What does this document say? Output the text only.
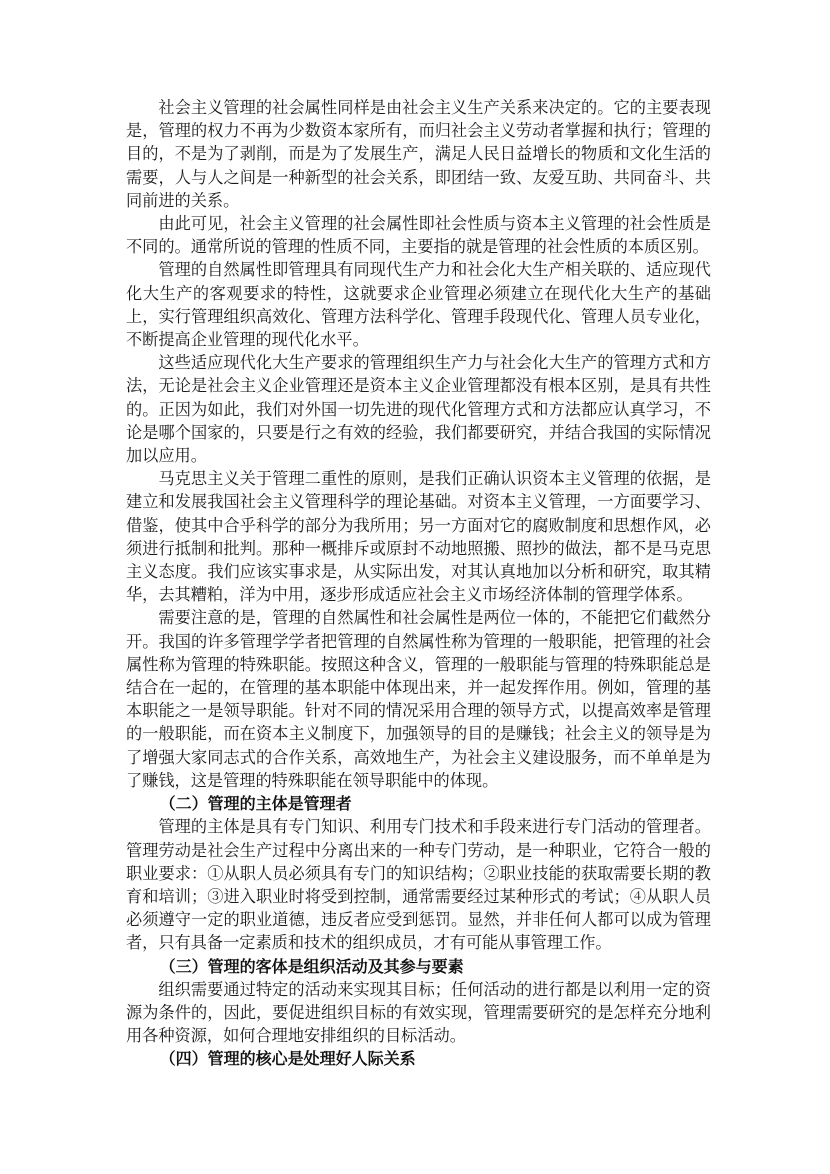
社会主义管理的社会属性同样是由社会主义生产关系来决定的。它的主要表现是，管理的权力不再为少数资本家所有，而归社会主义劳动者掌握和执行；管理的目的，不是为了剥削，而是为了发展生产，满足人民日益增长的物质和文化生活的需要，人与人之间是一种新型的社会关系，即团结一致、友爱互助、共同奋斗、共同前进的关系。

由此可见，社会主义管理的社会属性即社会性质与资本主义管理的社会性质是不同的。通常所说的管理的性质不同，主要指的就是管理的社会性质的本质区别。

管理的自然属性即管理具有同现代生产力和社会化大生产相关联的、适应现代化大生产的客观要求的特性，这就要求企业管理必须建立在现代化大生产的基础上，实行管理组织高效化、管理方法科学化、管理手段现代化、管理人员专业化，不断提高企业管理的现代化水平。

这些适应现代化大生产要求的管理组织生产力与社会化大生产的管理方式和方法，无论是社会主义企业管理还是资本主义企业管理都没有根本区别，是具有共性的。正因为如此，我们对外国一切先进的现代化管理方式和方法都应认真学习，不论是哪个国家的，只要是行之有效的经验，我们都要研究，并结合我国的实际情况加以应用。

马克思主义关于管理二重性的原则，是我们正确认识资本主义管理的依据，是建立和发展我国社会主义管理科学的理论基础。对资本主义管理，一方面要学习、借鉴，使其中合乎科学的部分为我所用；另一方面对它的腐败制度和思想作风，必须进行抵制和批判。那种一概排斥或原封不动地照搬、照抄的做法，都不是马克思主义态度。我们应该实事求是，从实际出发，对其认真地加以分析和研究，取其精华，去其糟粕，洋为中用，逐步形成适应社会主义市场经济体制的管理学体系。

需要注意的是，管理的自然属性和社会属性是两位一体的，不能把它们截然分开。我国的许多管理学学者把管理的自然属性称为管理的一般职能，把管理的社会属性称为管理的特殊职能。按照这种含义，管理的一般职能与管理的特殊职能总是结合在一起的，在管理的基本职能中体现出来，并一起发挥作用。例如，管理的基本职能之一是领导职能。针对不同的情况采用合理的领导方式，以提高效率是管理的一般职能，而在资本主义制度下，加强领导的目的是赚钱；社会主义的领导是为了增强大家同志式的合作关系，高效地生产，为社会主义建设服务，而不单单是为了赚钱，这是管理的特殊职能在领导职能中的体现。

（二）管理的主体是管理者

管理的主体是具有专门知识、利用专门技术和手段来进行专门活动的管理者。管理劳动是社会生产过程中分离出来的一种专门劳动，是一种职业，它符合一般的职业要求：①从职人员必须具有专门的知识结构；②职业技能的获取需要长期的教育和培训；③进入职业时将受到控制，通常需要经过某种形式的考试；④从职人员必须遵守一定的职业道德，违反者应受到惩罚。显然，并非任何人都可以成为管理者，只有具备一定素质和技术的组织成员，才有可能从事管理工作。

（三）管理的客体是组织活动及其参与要素

组织需要通过特定的活动来实现其目标；任何活动的进行都是以利用一定的资源为条件的，因此，要促进组织目标的有效实现，管理需要研究的是怎样充分地利用各种资源，如何合理地安排组织的目标活动。

（四）管理的核心是处理好人际关系
